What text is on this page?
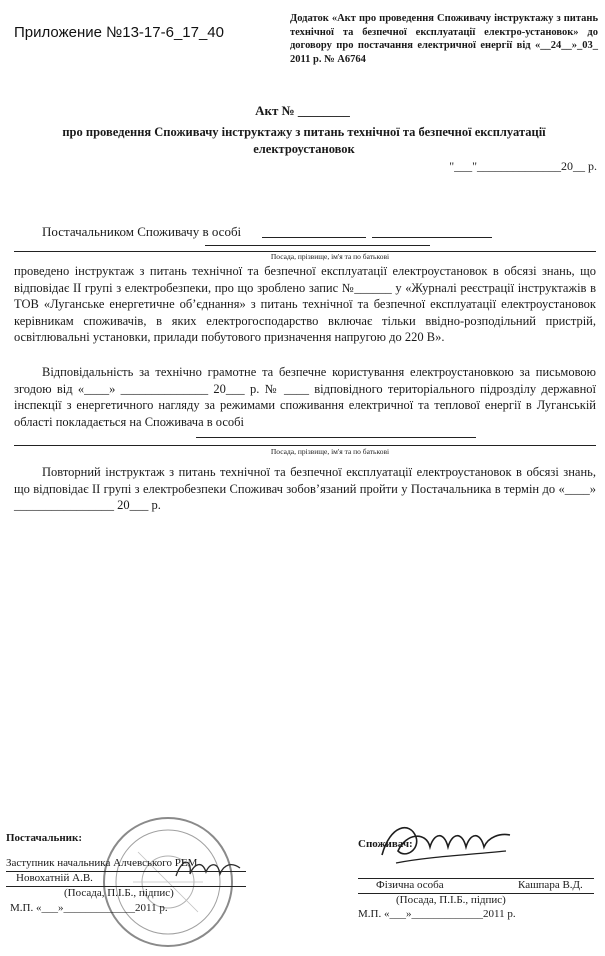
Приложение №13-17-6_17_40
Додаток «Акт про проведення Споживачу інструктажу з питань технічної та безпечної експлуатації електро-установок» до договору про постачання електричної енергії від «__24__»_03_ 2011 р. № А6764
Акт № ________
про проведення Споживачу інструктажу з питань технічної та безпечної експлуатації електроустановок
"___"______________20__ р.
Постачальником Споживачу в особі
Посада, прізвище, ім'я та по батькові

проведено інструктаж з питань технічної та безпечної експлуатації електроустановок в обсязі знань, що відповідає II групі з електробезпеки, про що зроблено запис №______ у «Журналі реєстрації інструктажів в ТОВ «Луганське енергетичне об’єднання» з питань технічної та безпечної експлуатації електроустановок керівникам споживачів, в яких електрогосподарство включає тільки ввідно-розподільний пристрій, освітлювальні установки, прилади побутового призначення напругою до 220 В».

Відповідальність за технічно грамотне та безпечне користування електроустановкою за письмовою згодою від «____» ______________ 20___ р. № ____ відповідного територіального підрозділу державної інспекції з енергетичного нагляду за режимами споживання електричної та теплової енергії в Луганській області покладається на Споживача в особі

Посада, прізвище, ім'я та по батькові

Повторний інструктаж з питань технічної та безпечної експлуатації електроустановок в обсязі знань, що відповідає II групі з електробезпеки Споживач зобов’язаний пройти у Постачальника в термін до «____» ________________ 20___ р.

Постачальник:
Заступник начальника Алчевського РЕМ
Новохатній А.В.
(Посада, П.І.Б., підпис)
М.П. «___»_____________2011 р.
Споживач:
Фізична особа	Кашпара В.Д.
(Посада, П.І.Б., підпис)
М.П. «___»_____________2011 р.
